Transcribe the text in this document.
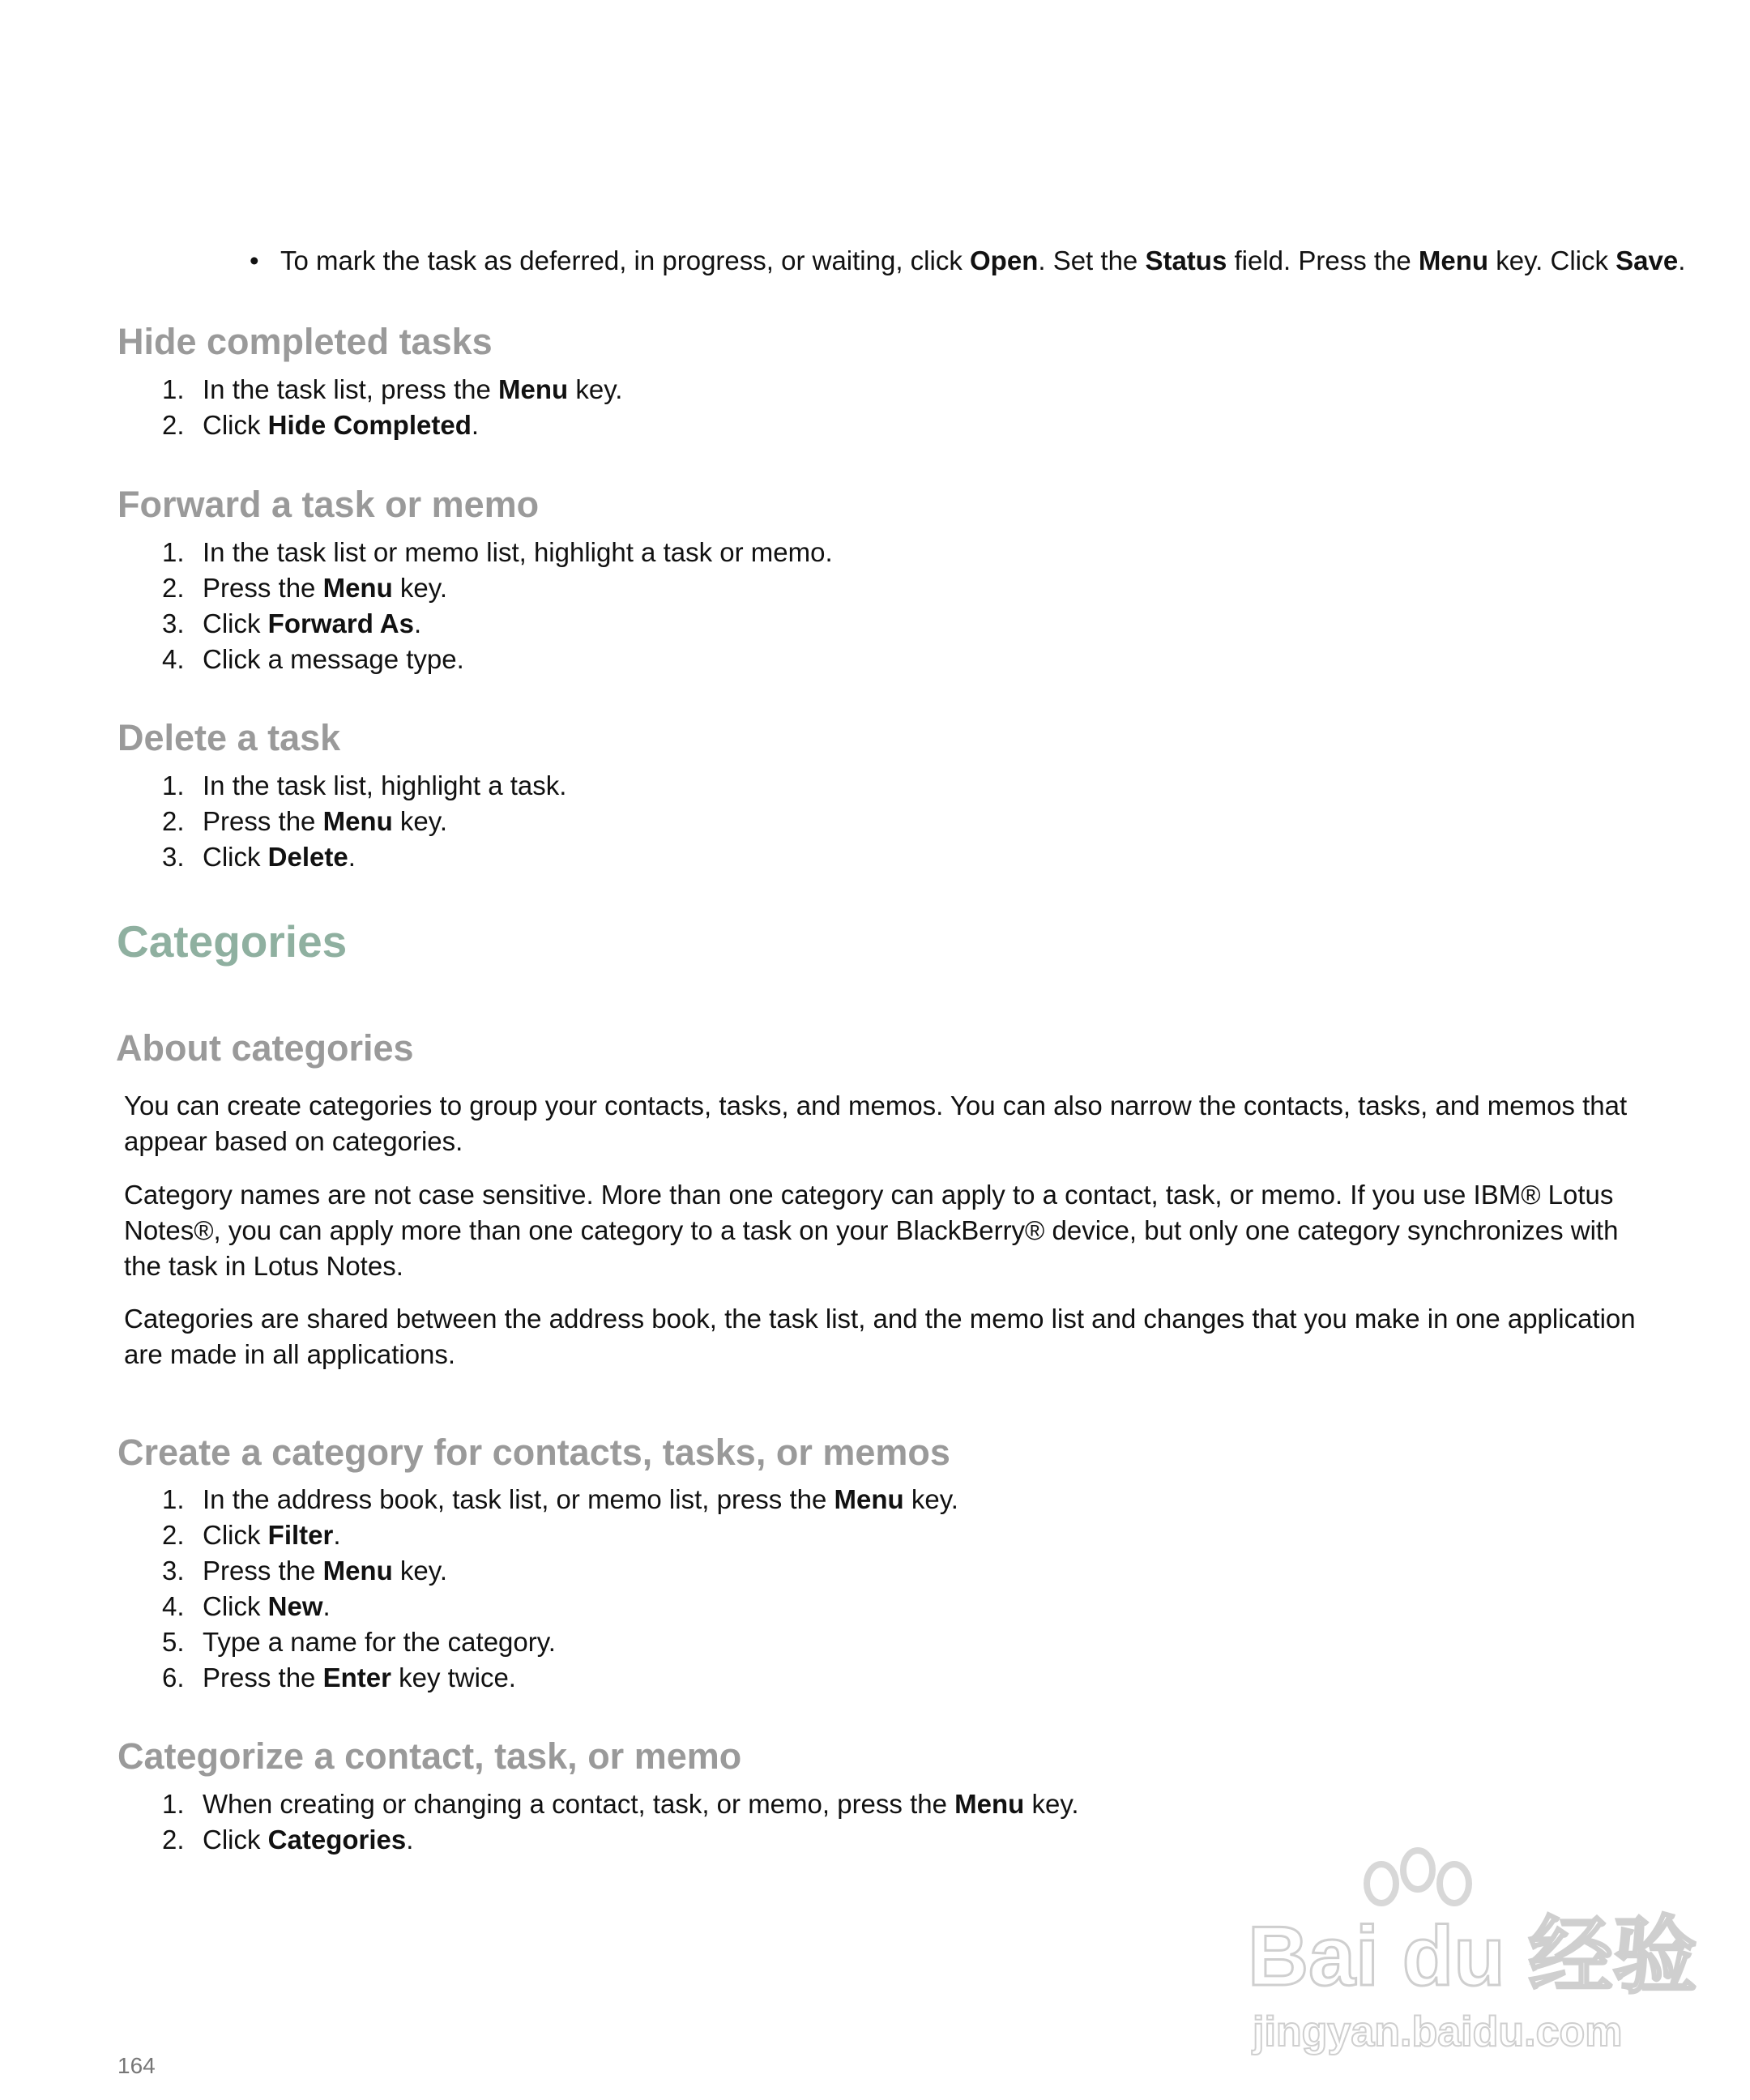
• To mark the task as deferred, in progress, or waiting, click Open. Set the Status field. Press the Menu key. Click Save.
Hide completed tasks
1. In the task list, press the Menu key.
2. Click Hide Completed.
Forward a task or memo
1. In the task list or memo list, highlight a task or memo.
2. Press the Menu key.
3. Click Forward As.
4. Click a message type.
Delete a task
1. In the task list, highlight a task.
2. Press the Menu key.
3. Click Delete.
Categories
About categories
You can create categories to group your contacts, tasks, and memos. You can also narrow the contacts, tasks, and memos that appear based on categories.
Category names are not case sensitive. More than one category can apply to a contact, task, or memo. If you use IBM® Lotus Notes®, you can apply more than one category to a task on your BlackBerry® device, but only one category synchronizes with the task in Lotus Notes.
Categories are shared between the address book, the task list, and the memo list and changes that you make in one application are made in all applications.
Create a category for contacts, tasks, or memos
1. In the address book, task list, or memo list, press the Menu key.
2. Click Filter.
3. Press the Menu key.
4. Click New.
5. Type a name for the category.
6. Press the Enter key twice.
Categorize a contact, task, or memo
1. When creating or changing a contact, task, or memo, press the Menu key.
2. Click Categories.
Bai du 经验
jingyan.baidu.com
164
